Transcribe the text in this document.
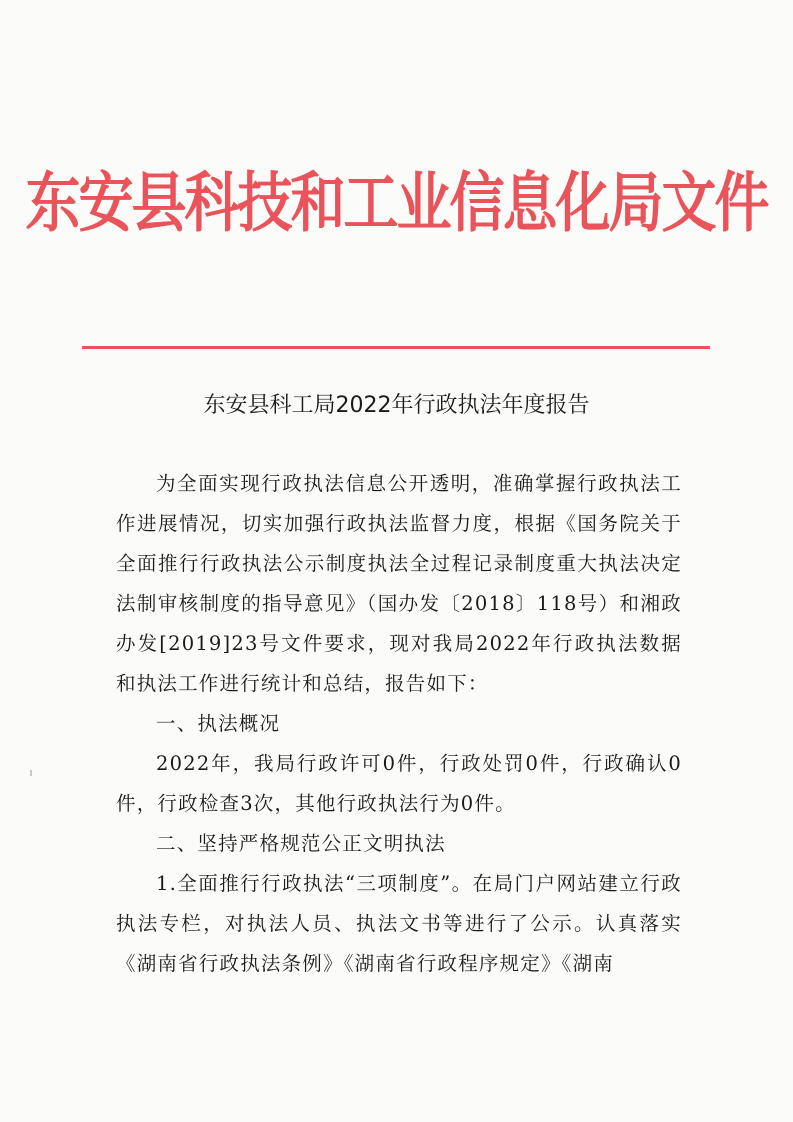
东安县科技和工业信息化局文件
东安县科工局2022年行政执法年度报告

为全面实现行政执法信息公开透明，准确掌握行政执法工作进展情况，切实加强行政执法监督力度，根据《国务院关于全面推行行政执法公示制度执法全过程记录制度重大执法决定法制审核制度的指导意见》（国办发〔2018〕118号）和湘政办发[2019]23号文件要求，现对我局2022年行政执法数据和执法工作进行统计和总结，报告如下：

一、执法概况

2022年，我局行政许可0件，行政处罚0件，行政确认0件，行政检查3次，其他行政执法行为0件。

二、坚持严格规范公正文明执法

1.全面推行行政执法“三项制度”。在局门户网站建立行政执法专栏，对执法人员、执法文书等进行了公示。认真落实《湖南省行政执法条例》《湖南省行政程序规定》《湖南
